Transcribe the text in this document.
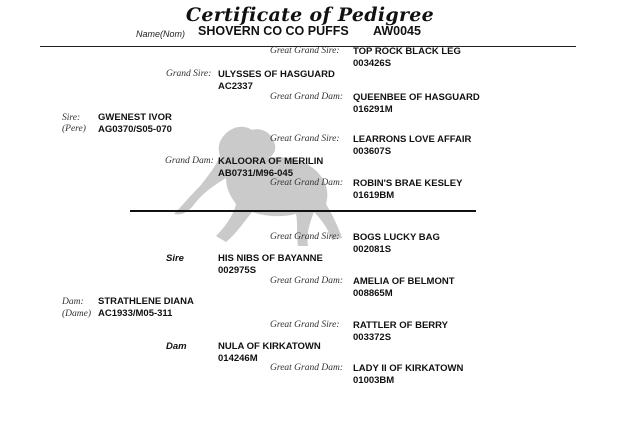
Certificate of Pedigree
Name(Nom) SHOVERN CO CO PUFFS AW0045
Great Grand Sire: TOP ROCK BLACK LEG
003426S
Grand Sire: ULYSSES OF HASGUARD
AC2337
Great Grand Dam: QUEENBEE OF HASGUARD
016291M
Sire:
(Pere)
GWENEST IVOR
AG0370/S05-070
Great Grand Sire: LEARRONS LOVE AFFAIR
003607S
Grand Dam: KALOORA OF MERILIN
AB0731/M96-045
Great Grand Dam: ROBIN'S BRAE KESLEY
01619BM
Great Grand Sire: BOGS LUCKY BAG
002081S
Sire	HIS NIBS OF BAYANNE
002975S
Great Grand Dam: AMELIA OF BELMONT
008865M
Dam:
(Dame)
STRATHLENE DIANA
AC1933/M05-311
Great Grand Sire: RATTLER OF BERRY
003372S
Dam	NULA OF KIRKATOWN
014246M
Great Grand Dam: LADY II OF KIRKATOWN
01003BM
